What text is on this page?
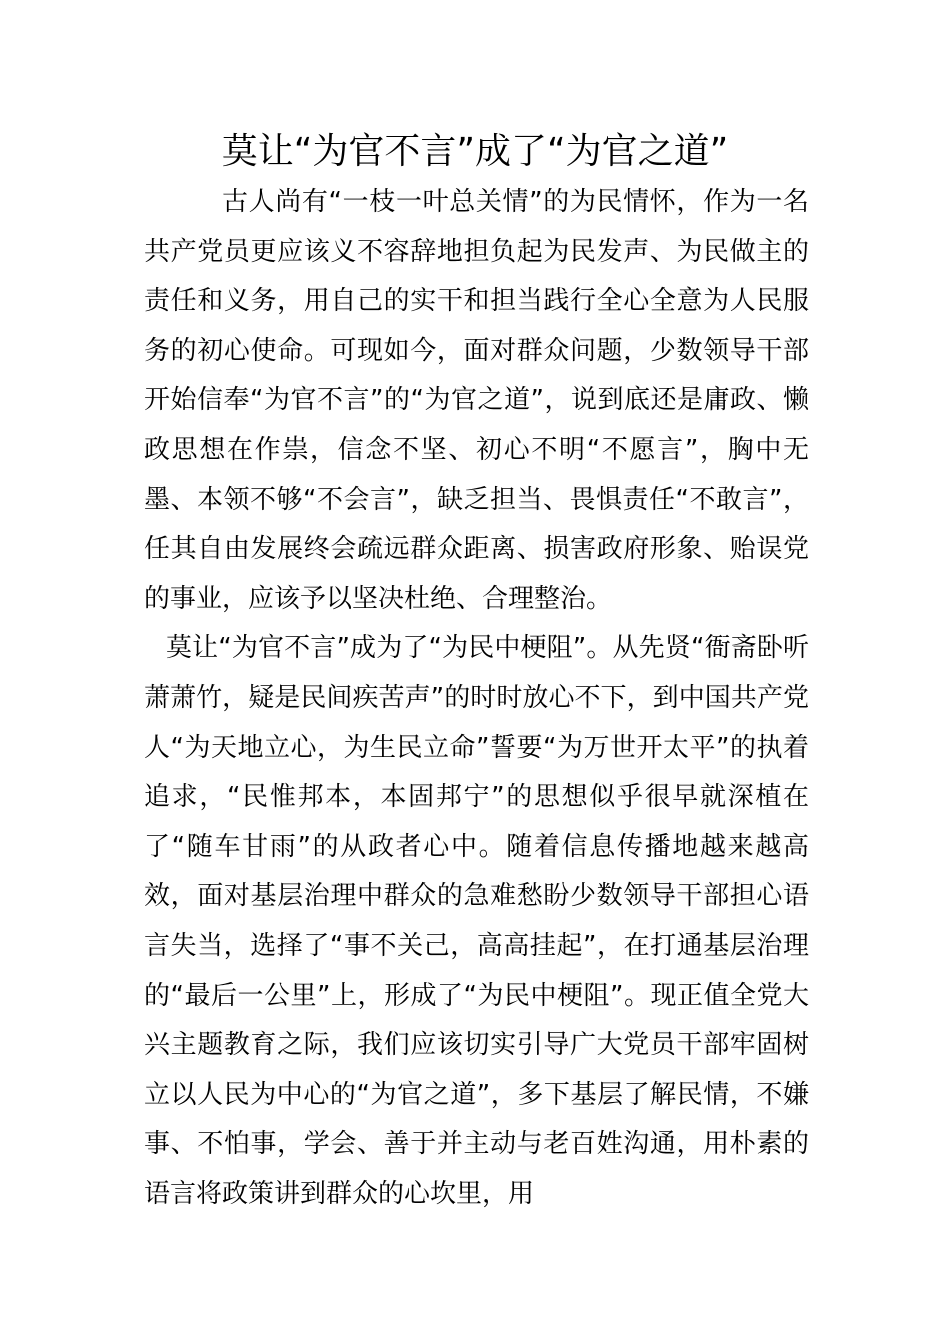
莫让“为官不言”成了“为官之道”

古人尚有“一枝一叶总关情”的为民情怀，作为一名共产党员更应该义不容辞地担负起为民发声、为民做主的责任和义务，用自己的实干和担当践行全心全意为人民服务的初心使命。可现如今，面对群众问题，少数领导干部开始信奉“为官不言”的“为官之道”，说到底还是庸政、懒政思想在作祟，信念不坚、初心不明“不愿言”，胸中无墨、本领不够“不会言”，缺乏担当、畏惧责任“不敢言”，任其自由发展终会疏远群众距离、损害政府形象、贻误党的事业，应该予以坚决杜绝、合理整治。

莫让“为官不言”成为了“为民中梗阻”。从先贤“衙斋卧听萧萧竹，疑是民间疾苦声”的时时放心不下，到中国共产党人“为天地立心，为生民立命”誓要“为万世开太平”的执着追求，“民惟邦本，本固邦宁”的思想似乎很早就深植在了“随车甘雨”的从政者心中。随着信息传播地越来越高效，面对基层治理中群众的急难愁盼少数领导干部担心语言失当，选择了“事不关己，高高挂起”，在打通基层治理的“最后一公里”上，形成了“为民中梗阻”。现正值全党大兴主题教育之际，我们应该切实引导广大党员干部牢固树立以人民为中心的“为官之道”，多下基层了解民情，不嫌事、不怕事，学会、善于并主动与老百姓沟通，用朴素的语言将政策讲到群众的心坎里，用
